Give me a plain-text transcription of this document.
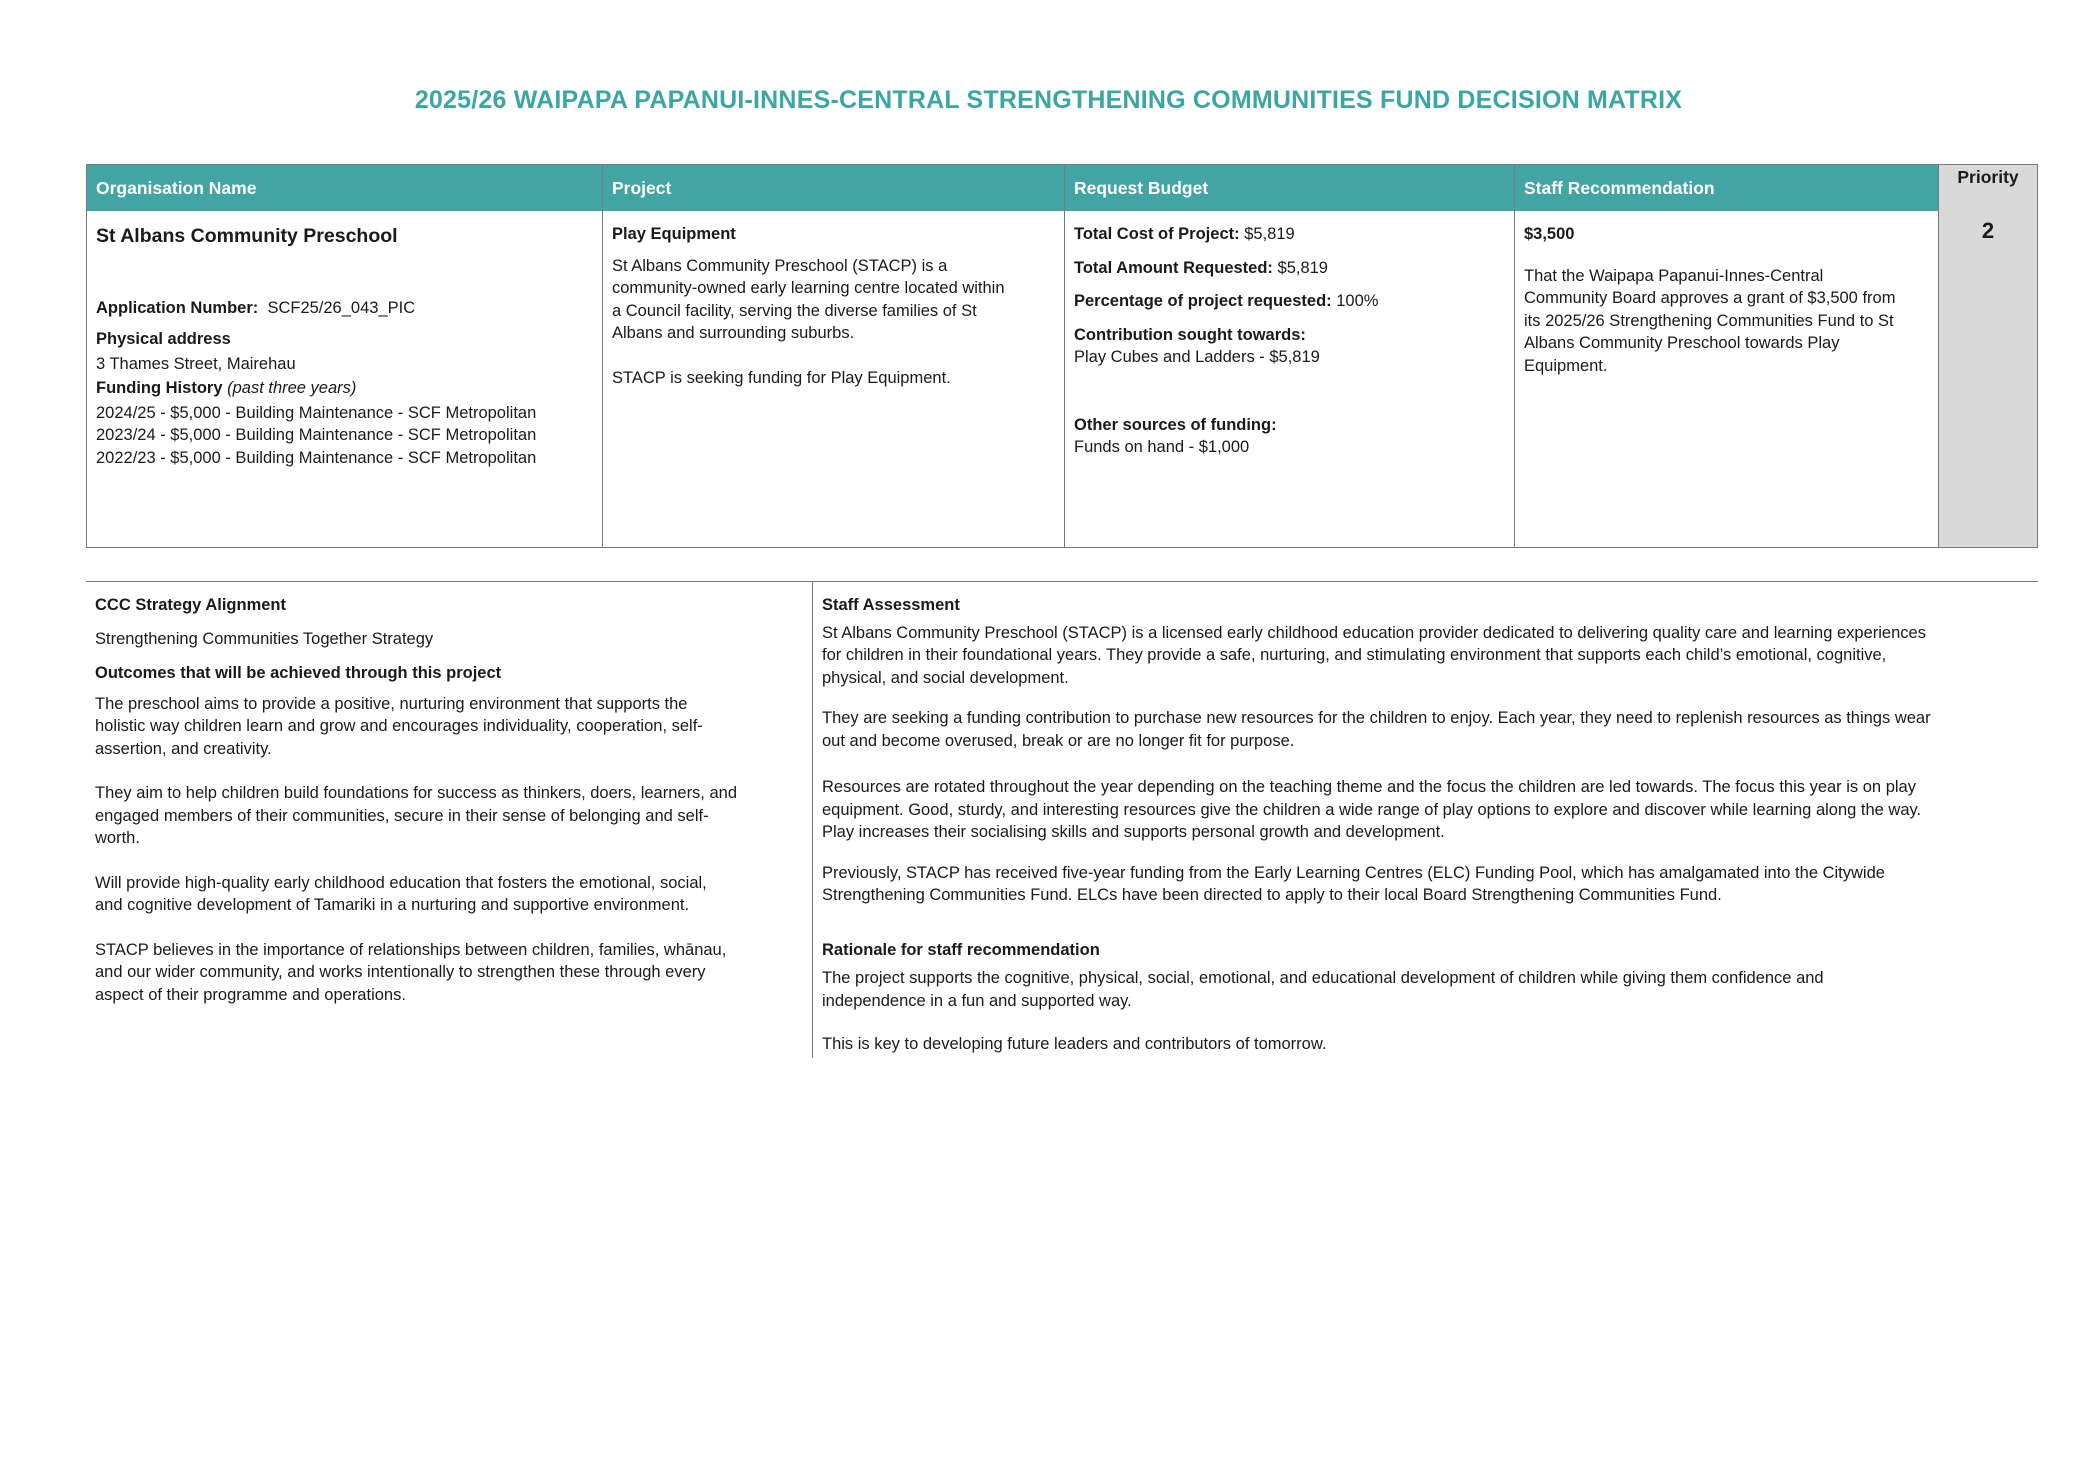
2025/26 WAIPAPA PAPANUI-INNES-CENTRAL STRENGTHENING COMMUNITIES FUND DECISION MATRIX
Organisation Name
St Albans Community Preschool
Application Number: SCF25/26_043_PIC
Physical address
3 Thames Street, Mairehau
Funding History (past three years)
2024/25 - $5,000 - Building Maintenance - SCF Metropolitan
2023/24 - $5,000 - Building Maintenance - SCF Metropolitan
2022/23 - $5,000 - Building Maintenance - SCF Metropolitan
Project
Play Equipment
St Albans Community Preschool (STACP) is a
community-owned early learning centre located within
a Council facility, serving the diverse families of St
Albans and surrounding suburbs.
STACP is seeking funding for Play Equipment.
Request Budget
Total Cost of Project: $5,819
Total Amount Requested: $5,819
Percentage of project requested: 100%
Contribution sought towards:
Play Cubes and Ladders - $5,819
Other sources of funding:
Funds on hand - $1,000
Staff Recommendation
$3,500
That the Waipapa Papanui-Innes-Central
Community Board approves a grant of $3,500 from
its 2025/26 Strengthening Communities Fund to St
Albans Community Preschool towards Play
Equipment.
Priority
2
CCC Strategy Alignment
Strengthening Communities Together Strategy
Outcomes that will be achieved through this project
The preschool aims to provide a positive, nurturing environment that supports the
holistic way children learn and grow and encourages individuality, cooperation, self-
assertion, and creativity.
They aim to help children build foundations for success as thinkers, doers, learners, and
engaged members of their communities, secure in their sense of belonging and self-
worth.
Will provide high-quality early childhood education that fosters the emotional, social,
and cognitive development of Tamariki in a nurturing and supportive environment.
STACP believes in the importance of relationships between children, families, whānau,
and our wider community, and works intentionally to strengthen these through every
aspect of their programme and operations.
Staff Assessment
St Albans Community Preschool (STACP) is a licensed early childhood education provider dedicated to delivering quality care and learning experiences
for children in their foundational years. They provide a safe, nurturing, and stimulating environment that supports each child’s emotional, cognitive,
physical, and social development.
They are seeking a funding contribution to purchase new resources for the children to enjoy. Each year, they need to replenish resources as things wear
out and become overused, break or are no longer fit for purpose.
Resources are rotated throughout the year depending on the teaching theme and the focus the children are led towards. The focus this year is on play
equipment. Good, sturdy, and interesting resources give the children a wide range of play options to explore and discover while learning along the way.
Play increases their socialising skills and supports personal growth and development.
Previously, STACP has received five-year funding from the Early Learning Centres (ELC) Funding Pool, which has amalgamated into the Citywide
Strengthening Communities Fund. ELCs have been directed to apply to their local Board Strengthening Communities Fund.
Rationale for staff recommendation
The project supports the cognitive, physical, social, emotional, and educational development of children while giving them confidence and
independence in a fun and supported way.
This is key to developing future leaders and contributors of tomorrow.
